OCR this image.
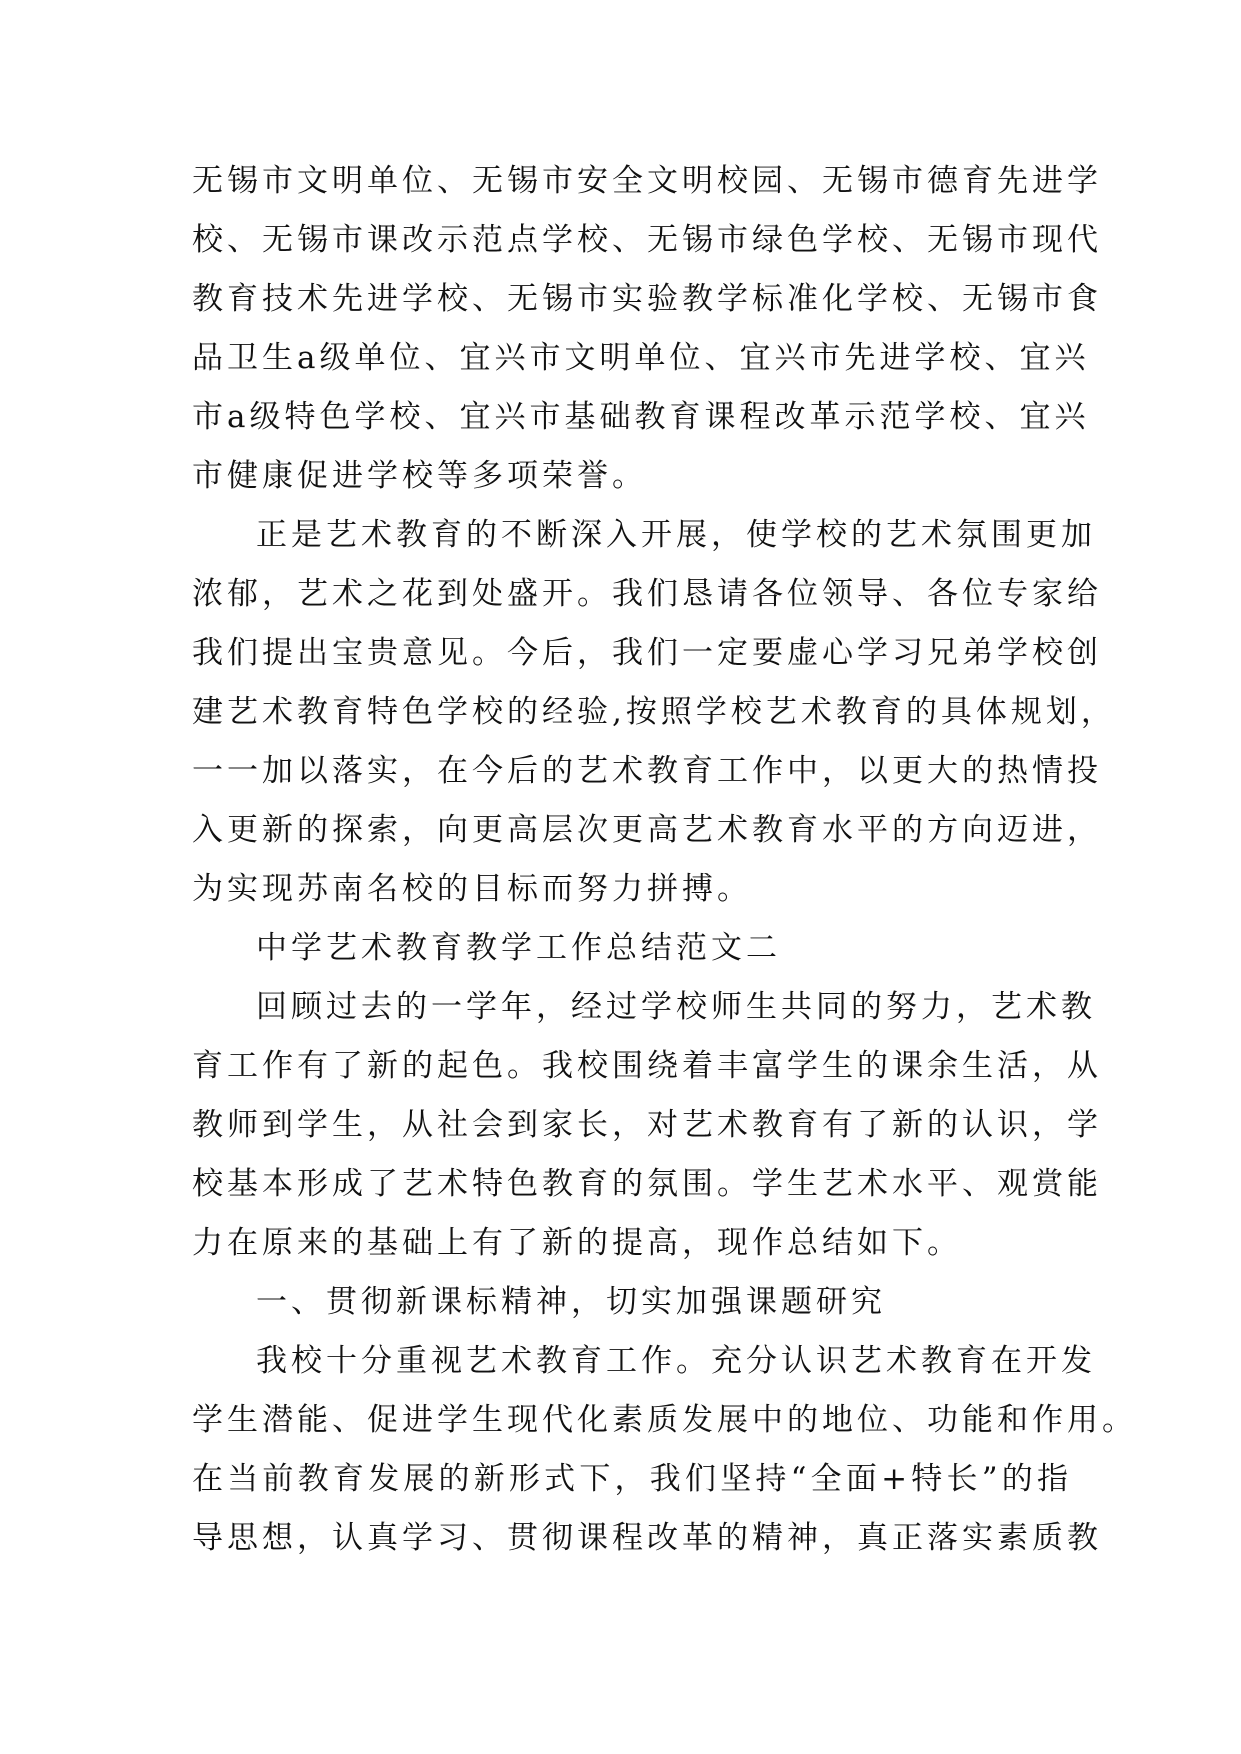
无锡市文明单位、无锡市安全文明校园、无锡市德育先进学
校、无锡市课改示范点学校、无锡市绿色学校、无锡市现代
教育技术先进学校、无锡市实验教学标准化学校、无锡市食
品卫生a级单位、宜兴市文明单位、宜兴市先进学校、宜兴
市a级特色学校、宜兴市基础教育课程改革示范学校、宜兴
市健康促进学校等多项荣誉。
正是艺术教育的不断深入开展，使学校的艺术氛围更加
浓郁，艺术之花到处盛开。我们恳请各位领导、各位专家给
我们提出宝贵意见。今后，我们一定要虚心学习兄弟学校创
建艺术教育特色学校的经验,按照学校艺术教育的具体规划，
一一加以落实，在今后的艺术教育工作中，以更大的热情投
入更新的探索，向更高层次更高艺术教育水平的方向迈进，
为实现苏南名校的目标而努力拼搏。
中学艺术教育教学工作总结范文二
回顾过去的一学年，经过学校师生共同的努力，艺术教
育工作有了新的起色。我校围绕着丰富学生的课余生活，从
教师到学生，从社会到家长，对艺术教育有了新的认识，学
校基本形成了艺术特色教育的氛围。学生艺术水平、观赏能
力在原来的基础上有了新的提高，现作总结如下。
一、贯彻新课标精神，切实加强课题研究
我校十分重视艺术教育工作。充分认识艺术教育在开发
学生潜能、促进学生现代化素质发展中的地位、功能和作用。
在当前教育发展的新形式下，我们坚持“全面+特长”的指
导思想，认真学习、贯彻课程改革的精神，真正落实素质教
